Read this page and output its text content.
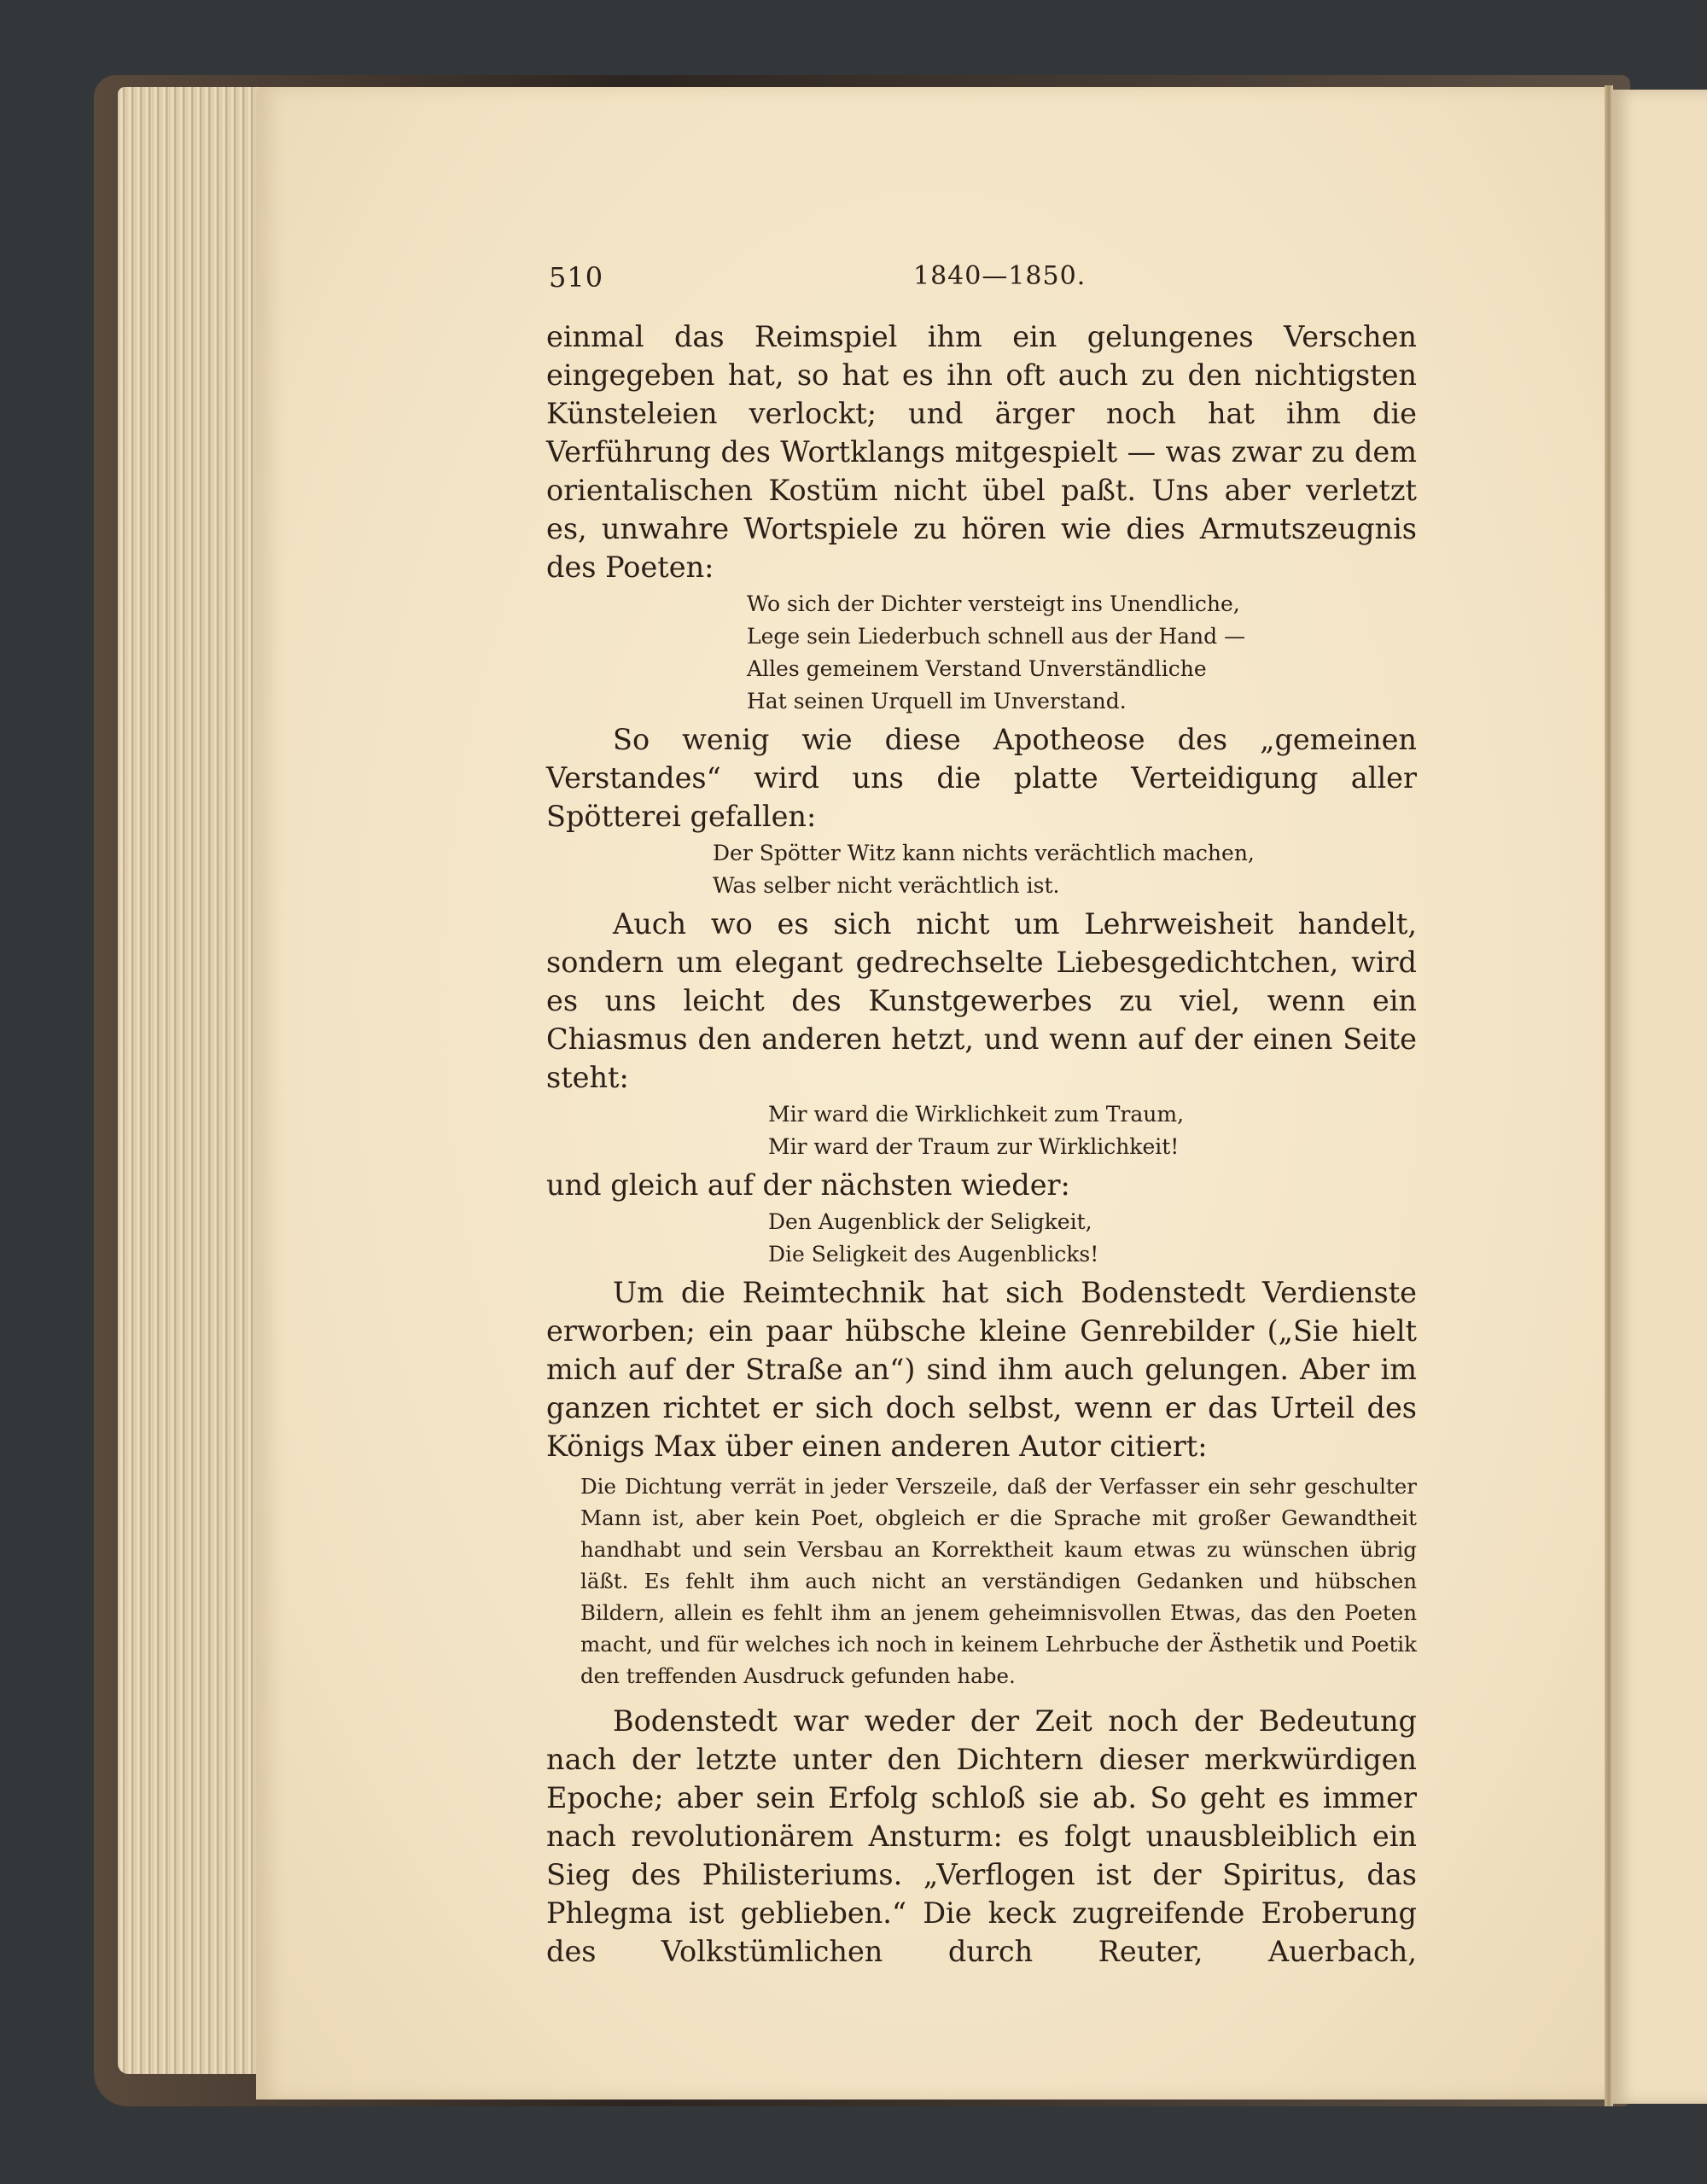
510	1840—1850.

einmal das Reimspiel ihm ein gelungenes Verschen eingegeben hat, so hat es ihn oft auch zu den nichtigsten Künsteleien verlockt; und ärger noch hat ihm die Verführung des Wortklangs mitgespielt — was zwar zu dem orientalischen Kostüm nicht übel paßt. Uns aber verletzt es, unwahre Wortspiele zu hören wie dies Armutszeugnis des Poeten:

Wo sich der Dichter versteigt ins Unendliche,
Lege sein Liederbuch schnell aus der Hand —
Alles gemeinem Verstand Unverständliche
Hat seinen Urquell im Unverstand.

So wenig wie diese Apotheose des „gemeinen Verstandes“ wird uns die platte Verteidigung aller Spötterei gefallen:

Der Spötter Witz kann nichts verächtlich machen,
Was selber nicht verächtlich ist.

Auch wo es sich nicht um Lehrweisheit handelt, sondern um elegant gedrechselte Liebesgedichtchen, wird es uns leicht des Kunstgewerbes zu viel, wenn ein Chiasmus den anderen hetzt, und wenn auf der einen Seite steht:

Mir ward die Wirklichkeit zum Traum,
Mir ward der Traum zur Wirklichkeit!

und gleich auf der nächsten wieder:

Den Augenblick der Seligkeit,
Die Seligkeit des Augenblicks!

Um die Reimtechnik hat sich Bodenstedt Verdienste erworben; ein paar hübsche kleine Genrebilder („Sie hielt mich auf der Straße an“) sind ihm auch gelungen. Aber im ganzen richtet er sich doch selbst, wenn er das Urteil des Königs Max über einen anderen Autor citiert:

Die Dichtung verrät in jeder Verszeile, daß der Verfasser ein sehr geschulter Mann ist, aber kein Poet, obgleich er die Sprache mit großer Gewandtheit handhabt und sein Versbau an Korrektheit kaum etwas zu wünschen übrig läßt. Es fehlt ihm auch nicht an verständigen Gedanken und hübschen Bildern, allein es fehlt ihm an jenem geheimnisvollen Etwas, das den Poeten macht, und für welches ich noch in keinem Lehrbuche der Ästhetik und Poetik den treffenden Ausdruck gefunden habe.

Bodenstedt war weder der Zeit noch der Bedeutung nach der letzte unter den Dichtern dieser merkwürdigen Epoche; aber sein Erfolg schloß sie ab. So geht es immer nach revolutionärem Ansturm: es folgt unausbleiblich ein Sieg des Philisteriums. „Verflogen ist der Spiritus, das Phlegma ist geblieben.“ Die keck zugreifende Eroberung des Volkstümlichen durch Reuter, Auerbach,
